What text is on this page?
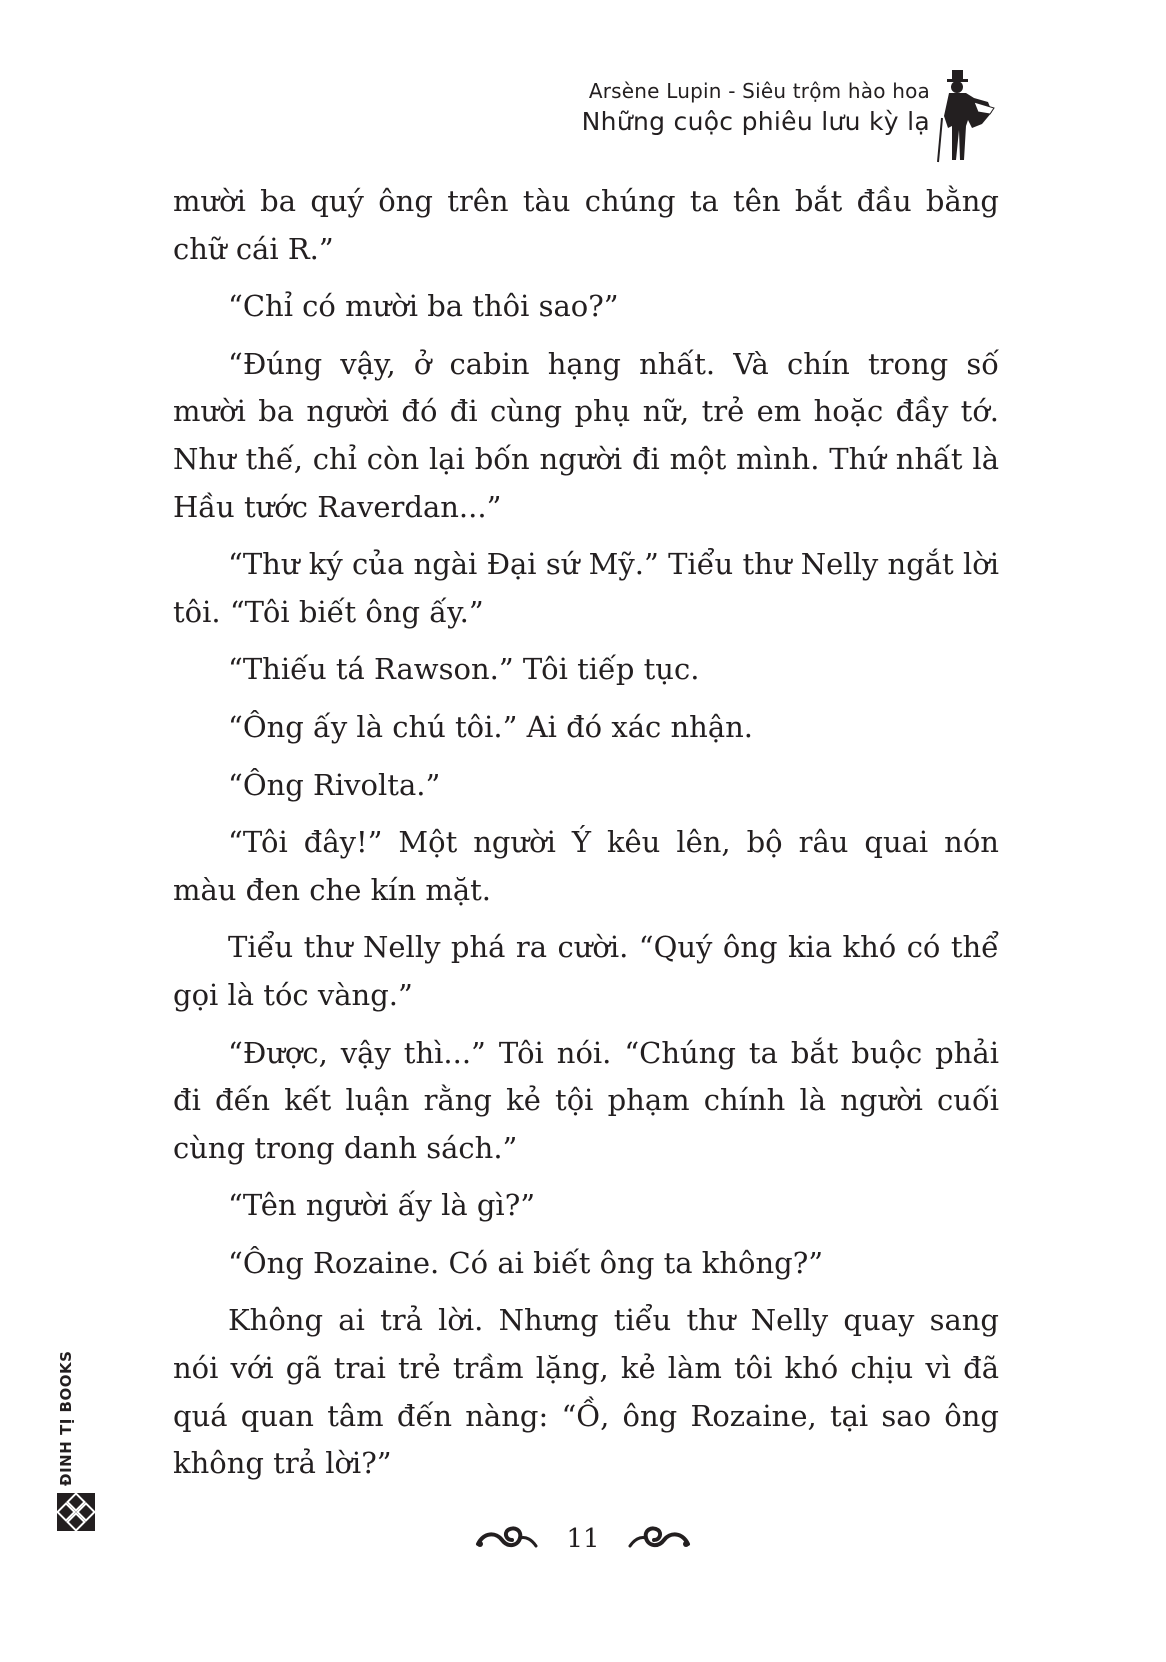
Arsène Lupin - Siêu trộm hào hoa
Những cuộc phiêu lưu kỳ lạ

mười ba quý ông trên tàu chúng ta tên bắt đầu bằng chữ cái R.”

“Chỉ có mười ba thôi sao?”

“Đúng vậy, ở cabin hạng nhất. Và chín trong số mười ba người đó đi cùng phụ nữ, trẻ em hoặc đầy tớ. Như thế, chỉ còn lại bốn người đi một mình. Thứ nhất là Hầu tước Raverdan...”

“Thư ký của ngài Đại sứ Mỹ.” Tiểu thư Nelly ngắt lời tôi. “Tôi biết ông ấy.”

“Thiếu tá Rawson.” Tôi tiếp tục.

“Ông ấy là chú tôi.” Ai đó xác nhận.

“Ông Rivolta.”

“Tôi đây!” Một người Ý kêu lên, bộ râu quai nón màu đen che kín mặt.

Tiểu thư Nelly phá ra cười. “Quý ông kia khó có thể gọi là tóc vàng.”

“Được, vậy thì...” Tôi nói. “Chúng ta bắt buộc phải đi đến kết luận rằng kẻ tội phạm chính là người cuối cùng trong danh sách.”

“Tên người ấy là gì?”

“Ông Rozaine. Có ai biết ông ta không?”

Không ai trả lời. Nhưng tiểu thư Nelly quay sang nói với gã trai trẻ trầm lặng, kẻ làm tôi khó chịu vì đã quá quan tâm đến nàng: “Ồ, ông Rozaine, tại sao ông không trả lời?”

11
ĐINH TỊ BOOKS
